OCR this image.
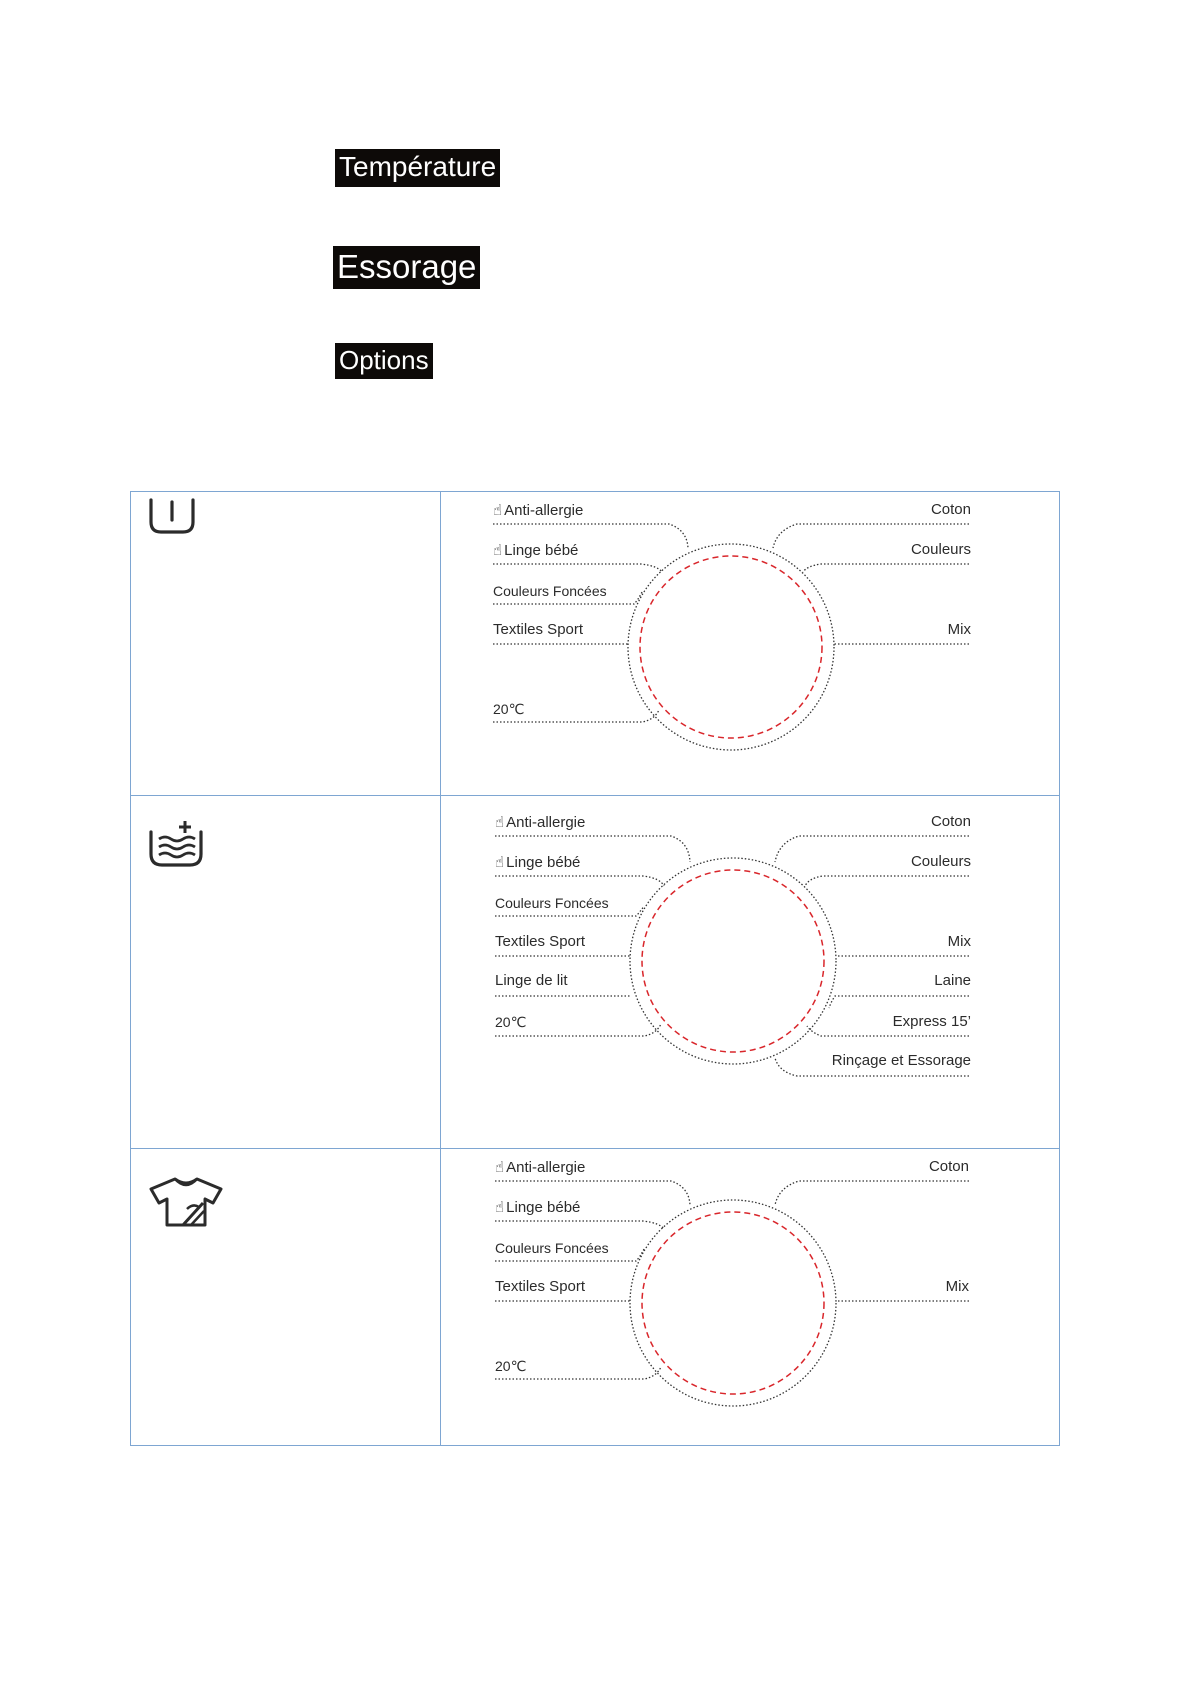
Température
Essorage
Options
☝ Anti-allergie
☝ Linge bébé
Couleurs Foncées
Textiles Sport
20℃
Coton
Couleurs
Mix
☝ Anti-allergie
☝ Linge bébé
Couleurs Foncées
Textiles Sport
Linge de lit
20℃
Coton
Couleurs
Mix
Laine
Express 15’
Rinçage et Essorage
☝ Anti-allergie
☝ Linge bébé
Couleurs Foncées
Textiles Sport
20℃
Coton
Mix
